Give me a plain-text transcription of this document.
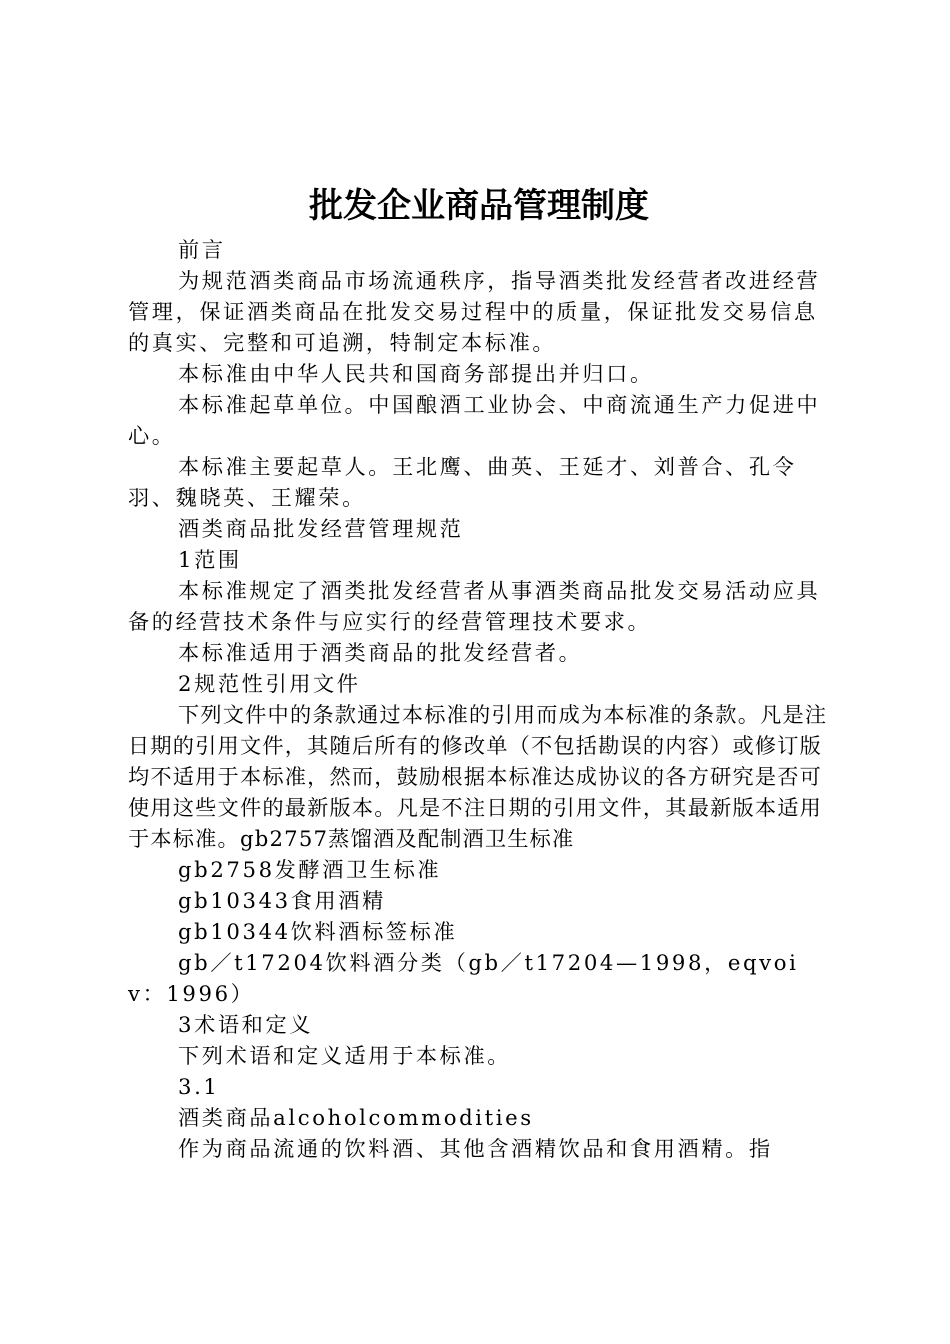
批发企业商品管理制度

前言

为规范酒类商品市场流通秩序，指导酒类批发经营者改进经营管理，保证酒类商品在批发交易过程中的质量，保证批发交易信息的真实、完整和可追溯，特制定本标准。

本标准由中华人民共和国商务部提出并归口。

本标准起草单位。中国酿酒工业协会、中商流通生产力促进中心。

本标准主要起草人。王北鹰、曲英、王延才、刘普合、孔令羽、魏晓英、王耀荣。

酒类商品批发经营管理规范

1范围

本标准规定了酒类批发经营者从事酒类商品批发交易活动应具备的经营技术条件与应实行的经营管理技术要求。

本标准适用于酒类商品的批发经营者。

2规范性引用文件

下列文件中的条款通过本标准的引用而成为本标准的条款。凡是注日期的引用文件，其随后所有的修改单（不包括勘误的内容）或修订版均不适用于本标准，然而，鼓励根据本标准达成协议的各方研究是否可使用这些文件的最新版本。凡是不注日期的引用文件，其最新版本适用于本标准。gb2757蒸馏酒及配制酒卫生标准

gb2758发酵酒卫生标准

gb10343食用酒精

gb10344饮料酒标签标准

gb／t17204饮料酒分类（gb／t17204—1998，eqvoiv：1996）

3术语和定义

下列术语和定义适用于本标准。

3.1

酒类商品alcoholcommodities

作为商品流通的饮料酒、其他含酒精饮品和食用酒精。指
